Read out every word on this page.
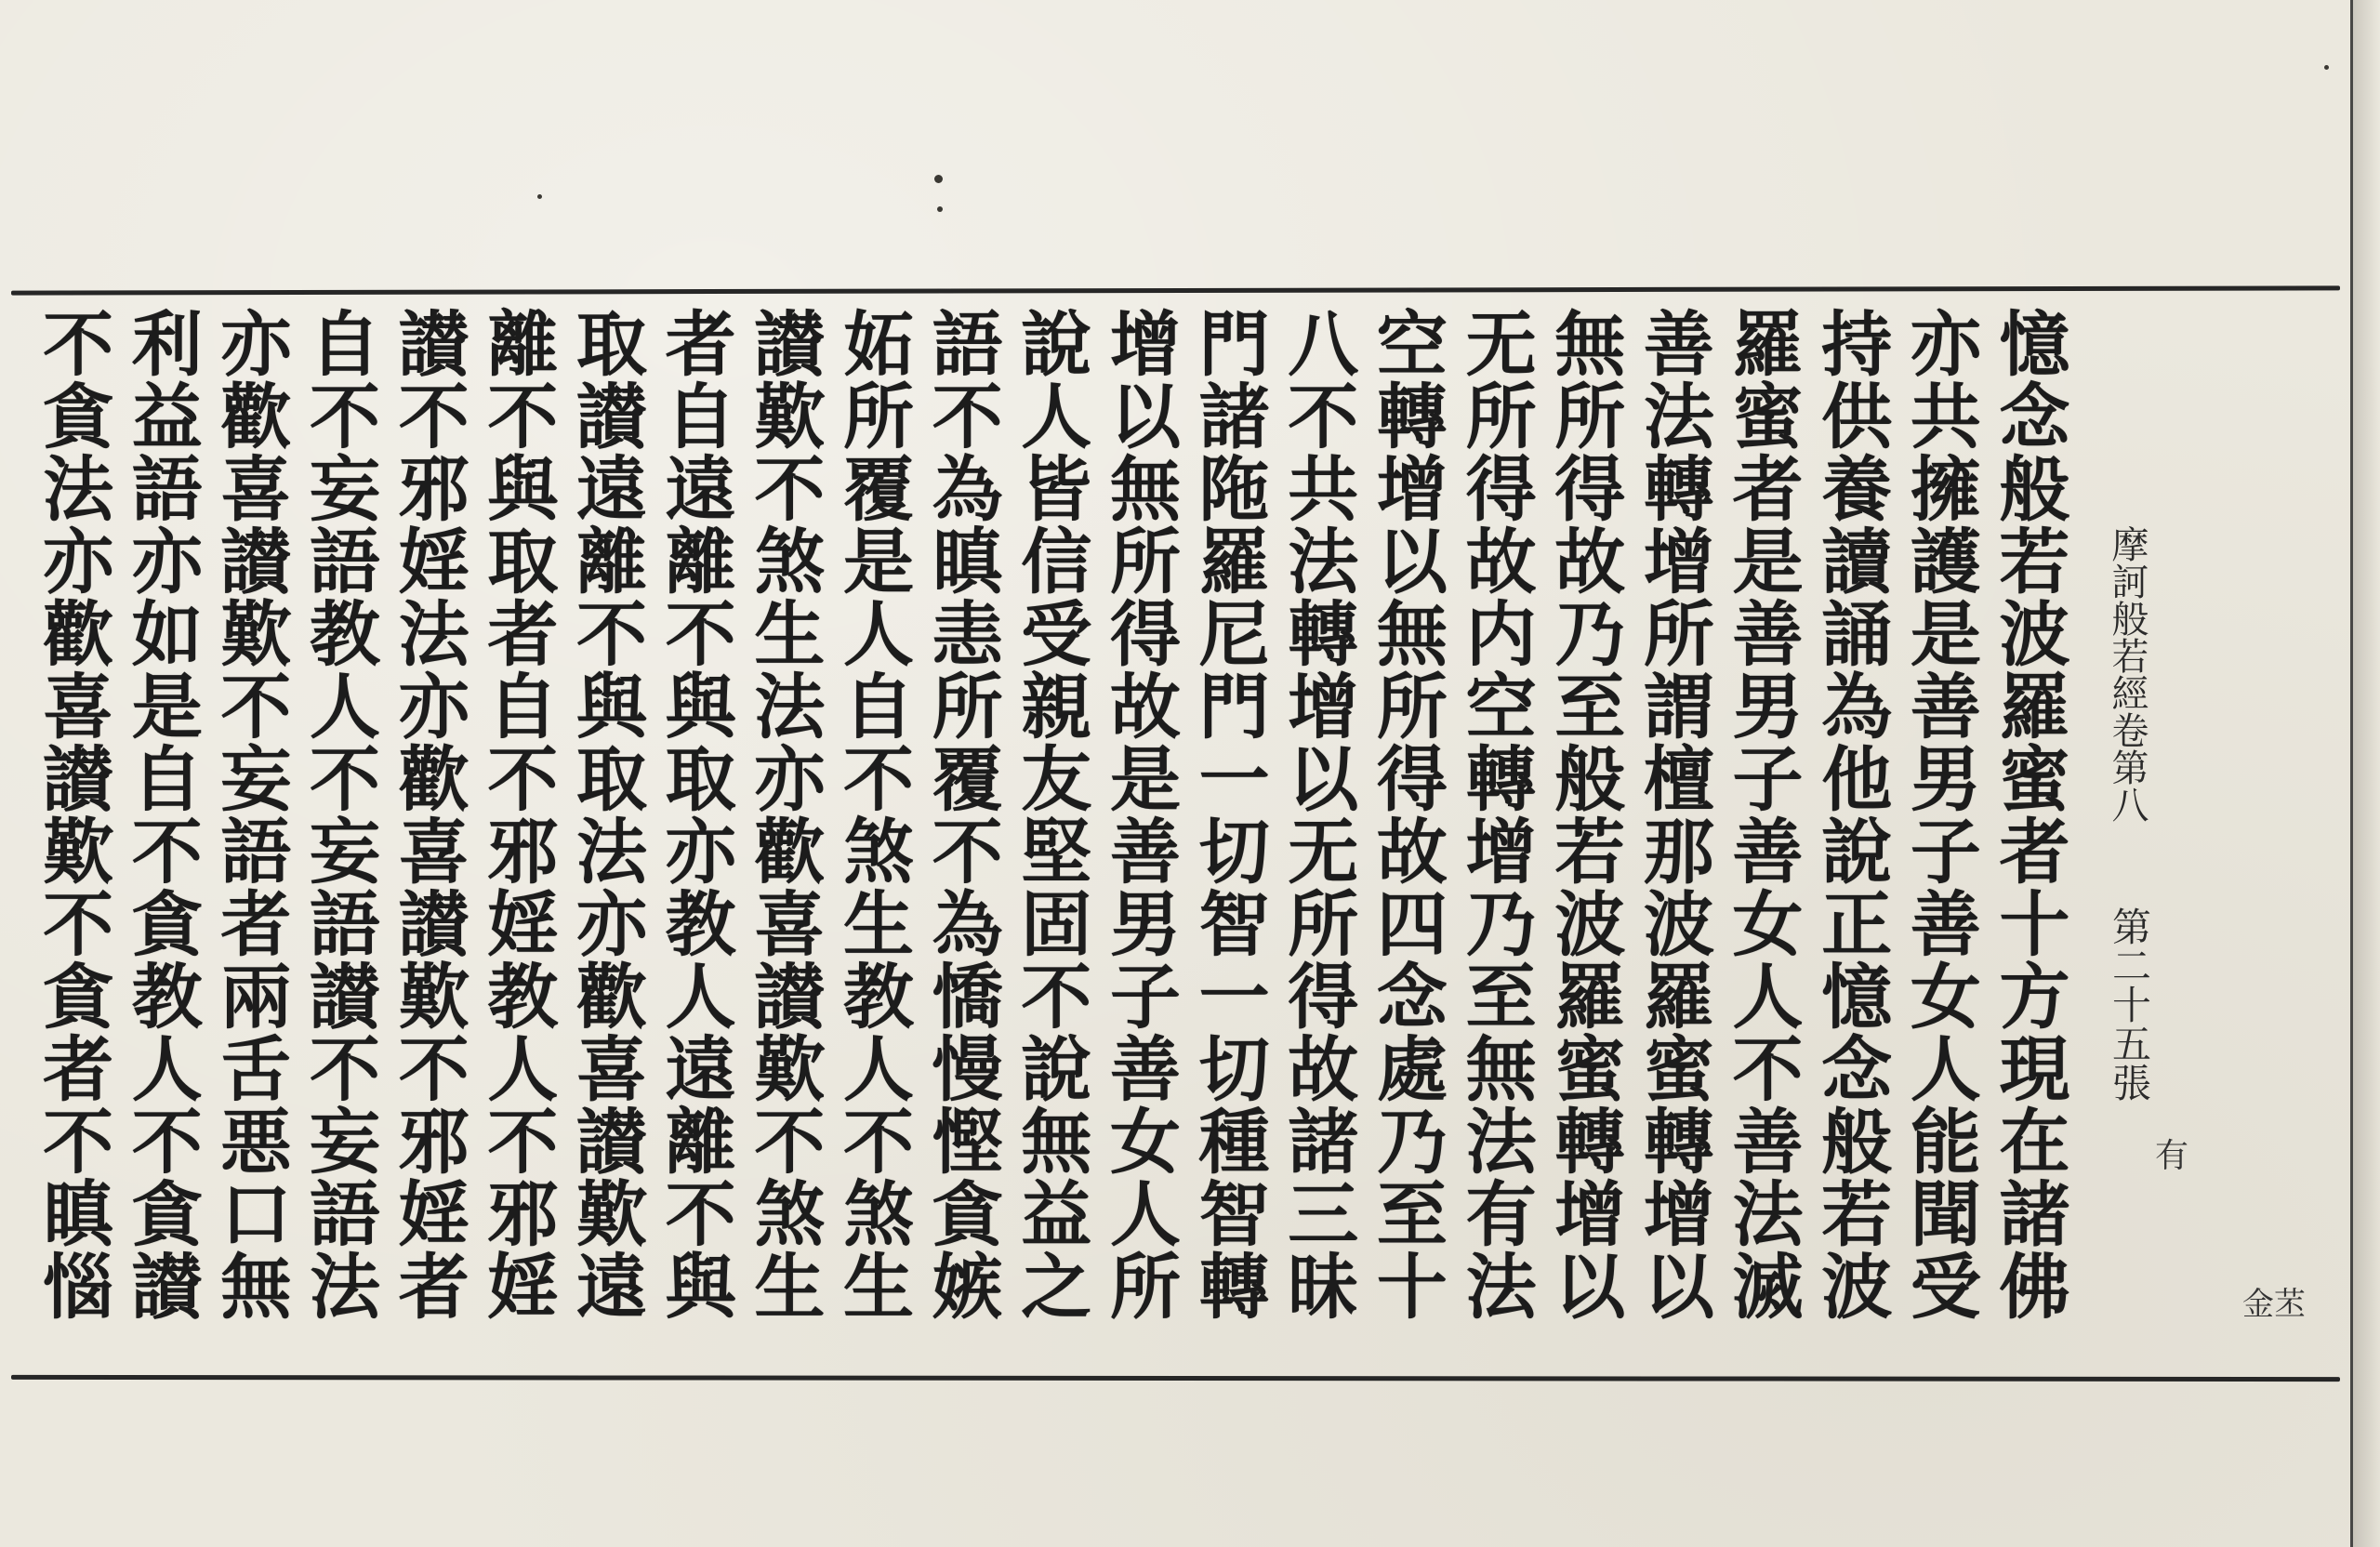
憶念般若波羅蜜者十方現在諸佛
亦共擁護是善男子善女人能聞受
持供養讀誦為他說正憶念般若波
羅蜜者是善男子善女人不善法滅
善法轉增所謂檀那波羅蜜轉增以
無所得故乃至般若波羅蜜轉增以
无所得故内空轉增乃至無法有法
空轉增以無所得故四念處乃至十
八不共法轉增以无所得故諸三昧
門諸陁羅尼門一切智一切種智轉
增以無所得故是善男子善女人所
說人皆信受親友堅固不說無益之
語不為瞋恚所覆不為憍慢慳貪嫉
妬所覆是人自不煞生教人不煞生
讃歎不煞生法亦歡喜讃歎不煞生
者自遠離不與取亦教人遠離不與
取讃遠離不與取法亦歡喜讃歎遠
離不與取者自不邪婬教人不邪婬
讃不邪婬法亦歡喜讃歎不邪婬者
自不妄語教人不妄語讃不妄語法
亦歡喜讃歎不妄語者兩舌悪口無
利益語亦如是自不貪教人不貪讃
不貪法亦歡喜讃歎不貪者不瞋惱	摩訶般若經卷第八
第二十五張
有
金苤
